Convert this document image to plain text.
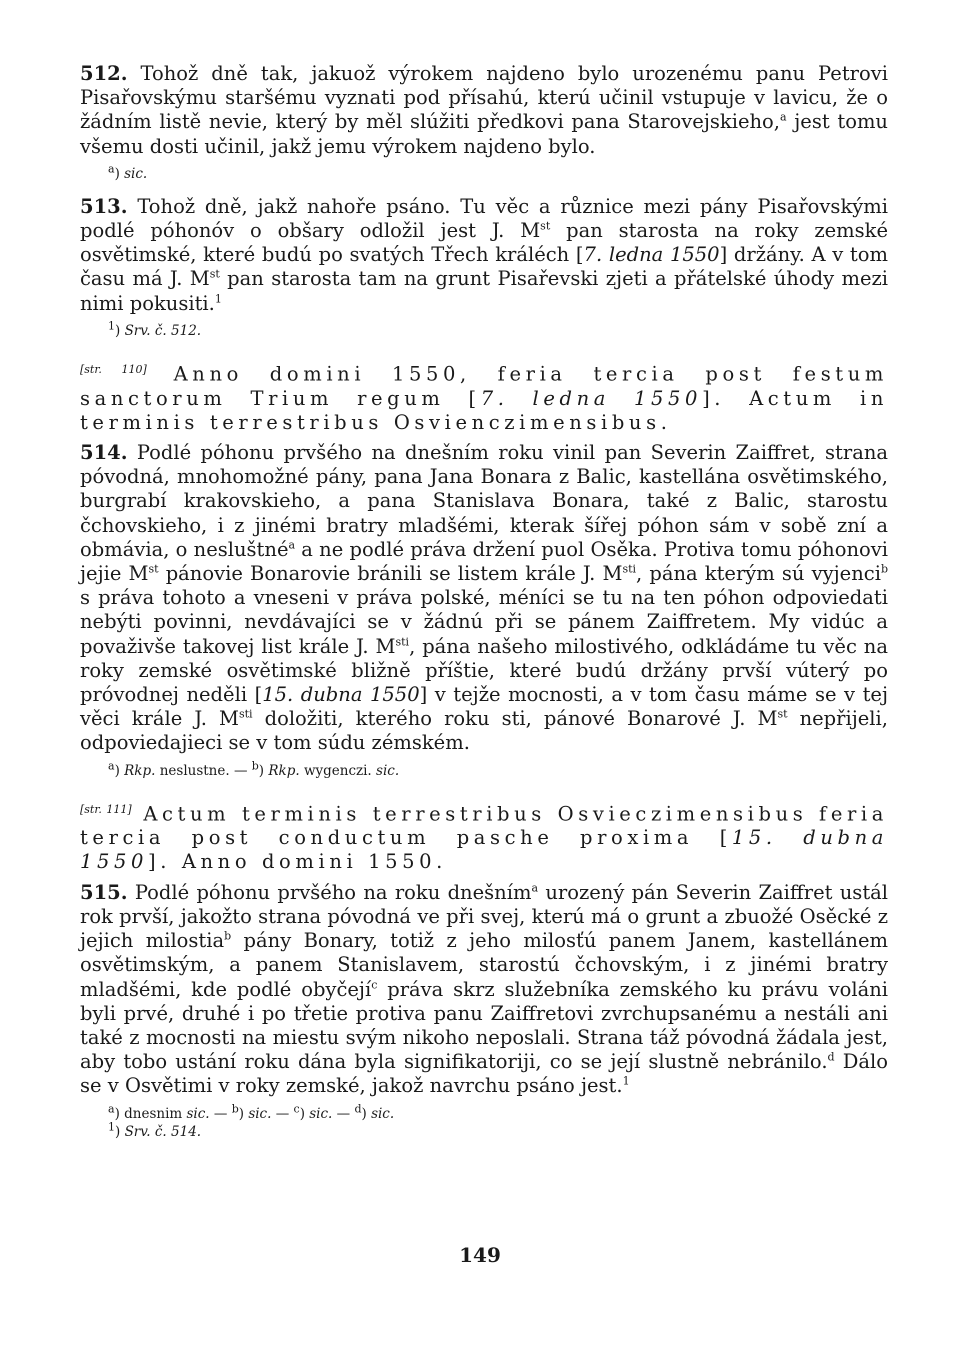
512. Tohož dně tak, jakuož výrokem najdeno bylo urozenému panu Petrovi Pisařovskýmu staršému vyznati pod přísahú, kterú učinil vstupuje v lavicu, že o žádním listě nevie, který by měl slúžiti předkovi pana Starovejskieho,$^a$ jest tomu všemu dosti učinil, jakž jemu výrokem najdeno bylo.

$^a$) sic.

513. Tohož dně, jakž nahoře psáno. Tu věc a různice mezi pány Pisařovskými podlé póhonóv o obšary odložil jest J. Mst pan starosta na roky zemské osvětimské, které budú po svatých Třech králéch [7. ledna 1550] držány. A v tom času má J. Mst pan starosta tam na grunt Pisařevski zjeti a přátelské úhody mezi nimi pokusiti.$^1$

$^1$) Srv. č. 512.

[str. 110] Anno domini 1550, feria tercia post festum sanctorum Trium regum [7. ledna 1550]. Actum in terminis terrestribus Osvienczimensibus.

514. Podlé póhonu prvšého na dnešním roku vinil pan Severin Zaiffret, strana póvodná, mnohomožné pány, pana Jana Bonara z Balic, kastellána osvětimského, burgrabí krakovskieho, a pana Stanislava Bonara, také z Balic, starostu čchovskieho, i z jinémi bratry mladšémi, kterak šířej póhon sám v sobě zní a obmávia, o nesluštné$^a$ a ne podlé práva držení puol Osěka. Protiva tomu póhonovi jejie Mst pánovie Bonarovie bránili se listem krále J. $M^{sti}$, pána kterým sú vyjenci$^b$ s práva tohoto a vneseni v práva polské, méníci se tu na ten póhon odpoviedati nebýti povinni, nevdávajíci se v žádnú při se pánem Zaiffretem. My vidúc a považivše takovej list krále J. $M^{sti}$, pána našeho milostivého, odkládáme tu věc na roky zemské osvětimské bližně příštie, které budú držány prvší vúterý po próvodnej neděli [15. dubna 1550] v tejže mocnosti, a v tom času máme se v tej věci krále J. $M^{sti}$ doložiti, kterého roku sti, pánové Bonarové J. Mst nepřijeli, odpoviedajieci se v tom súdu zémském.

$^a$) Rkp. neslustne. — $^b$) Rkp. wygenczi. sic.

[str. 111] Actum terminis terrestribus Osvieczimensibus feria tercia post conductum pasche proxima [15. dubna 1550]. Anno domini 1550.

515. Podlé póhonu prvšého na roku dnešním$^a$ urozený pán Severin Zaiffret ustál rok prvší, jakožto strana póvodná ve při svej, kterú má o grunt a zbuožé Osěcké z jejich milostia$^b$ pány Bonary, totiž z jeho milosťú panem Janem, kastellánem osvětimským, a panem Stanislavem, starostú čchovským, i z jinémi bratry mladšémi, kde podlé obyčejí$^c$ práva skrz služebníka zemského ku právu voláni byli prvé, druhé i po třetie protiva panu Zaiffretovi zvrchupsanému a nestáli ani také z mocnosti na miestu svým nikoho neposlali. Strana táž póvodná žádala jest, aby tobo ustání roku dána byla signifikatoriji, co se její slustně nebránilo.$^d$ Dálo se v Osvětimi v roky zemské, jakož navrchu psáno jest.$^1$

$^a$) dnesnim sic. — $^b$) sic. — $^c$) sic. — $^d$) sic.
$^1$) Srv. č. 514.

149
